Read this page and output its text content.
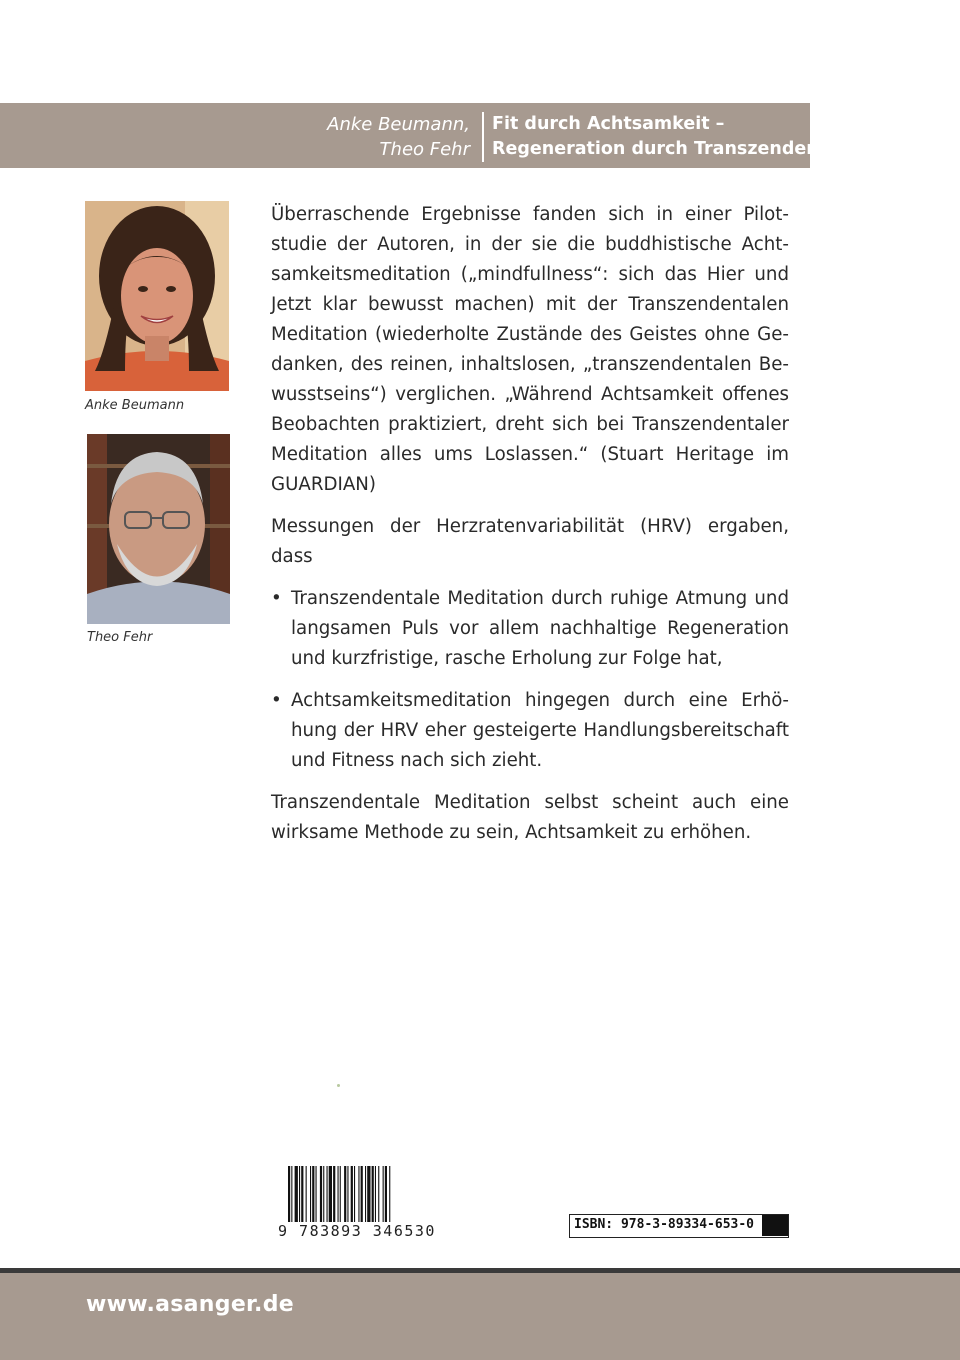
Anke Beumann,
Theo Fehr
Fit durch Achtsamkeit –
Regeneration durch Transzendenz
Anke Beumann
Theo Fehr

Überraschende Ergebnisse fanden sich in einer Pilotstudie der Autoren, in der sie die buddhistische Achtsamkeitsmeditation („mindfullness“: sich das Hier und Jetzt klar bewusst machen) mit der Transzendentalen Meditation (wiederholte Zustände des Geistes ohne Gedanken, des reinen, inhaltslosen, „transzendentalen Bewusstseins“) verglichen. „Während Achtsamkeit offenes Beobachten praktiziert, dreht sich bei Transzendentaler Meditation alles ums Loslassen.“ (Stuart Heritage im GUARDIAN)

Messungen der Herzratenvariabilität (HRV) ergaben, dass

• Transzendentale Meditation durch ruhige Atmung und langsamen Puls vor allem nachhaltige Regeneration und kurzfristige, rasche Erholung zur Folge hat,
• Achtsamkeitsmeditation hingegen durch eine Erhöhung der HRV eher gesteigerte Handlungsbereitschaft und Fitness nach sich zieht.

Transzendentale Meditation selbst scheint auch eine wirksame Methode zu sein, Achtsamkeit zu erhöhen.

9 783893 346530	ISBN: 978-3-89334-653-0
www.asanger.de
